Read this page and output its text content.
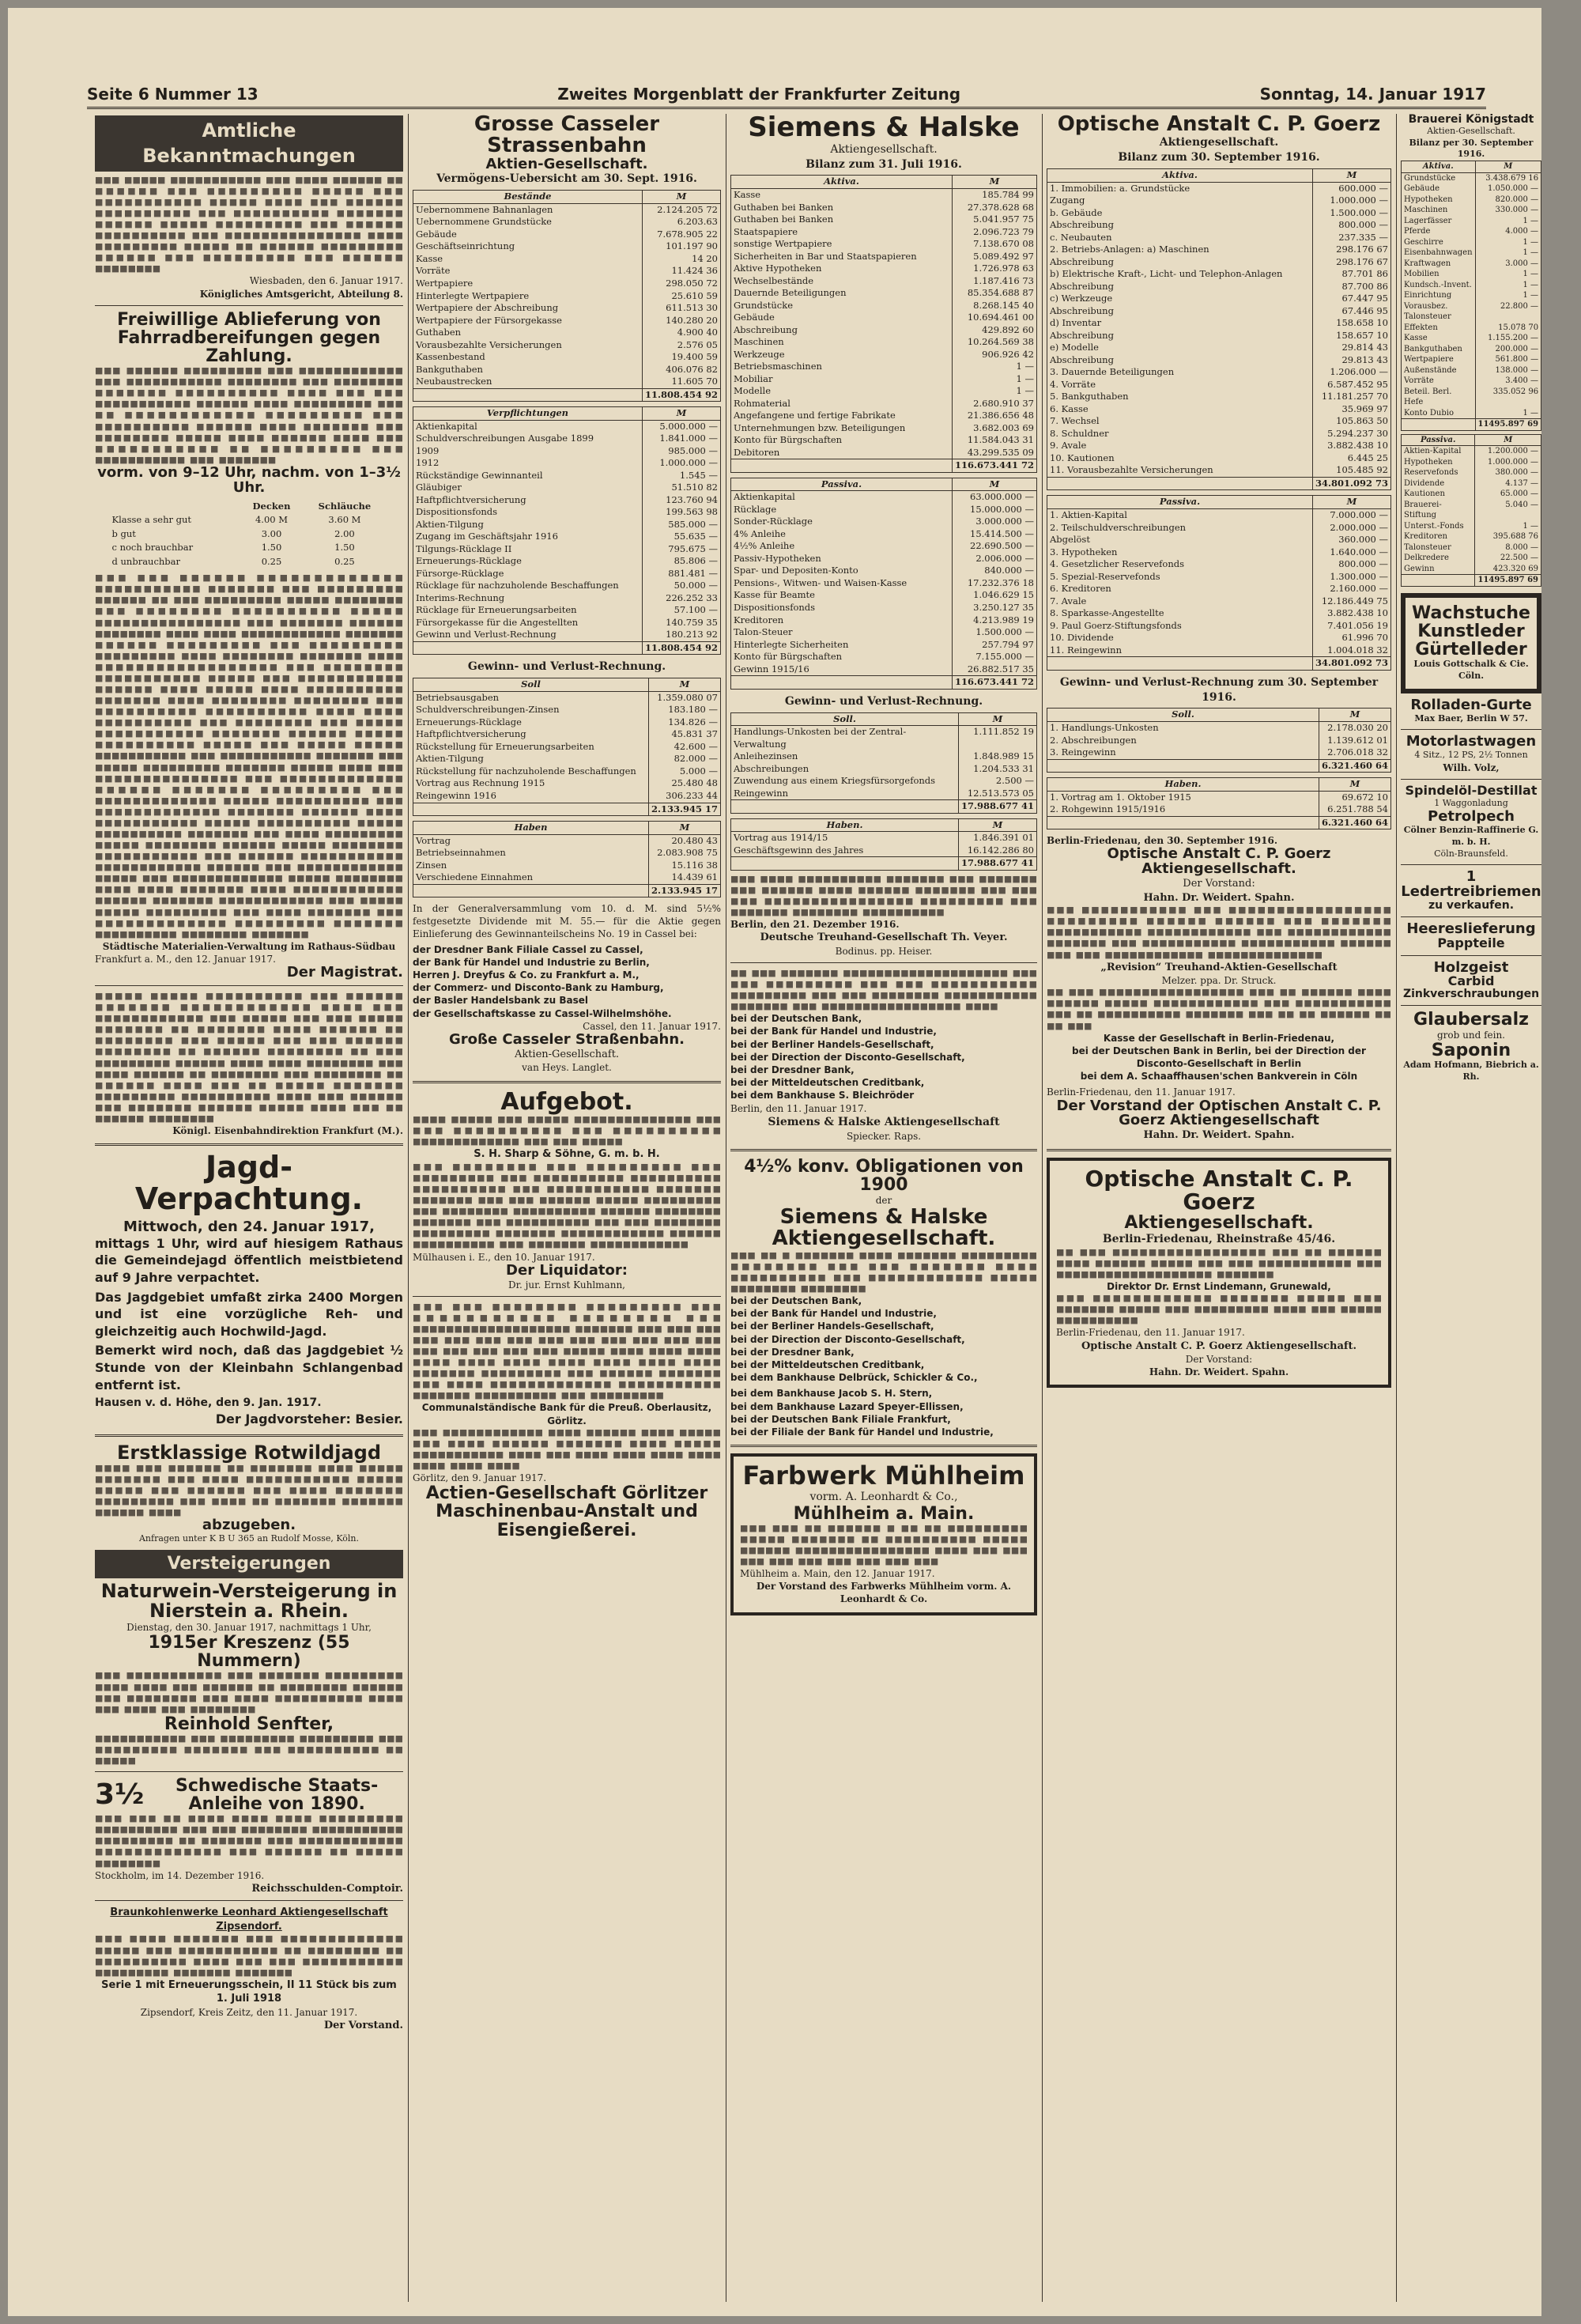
Seite 6 Nummer 13	Zweites Morgenblatt der Frankfurter Zeitung	Sonntag, 14. Januar 1917
Amtliche Bekanntmachungen
■■■ ■■■■■ ■■■■■■■■■■■ ■■■ ■■■■ ■■■■■■ ■■ ■■■■■■ ■■■ ■■■■■■■■■ ■■■■■ ■■■ ■■■■■■■■■■■ ■■■■■ ■■■■ ■■■ ■■■■■■ ■■■■■■■■■■ ■■■ ■■■■■■■■■■ ■■■■■■■ ■■■■■■ ■■■■■ ■■■■■■■■■ ■■■ ■■■■■■ ■■■■■■■■■■ ■■■ ■■■■■■■■■■■■■■■ ■■■■ ■■■■■■■■■ ■■■■■ ■■ ■■■■■■ ■■■■■■■■■ ■■■■■■ ■■■ ■■■■■■■■■ ■■■ ■■■■■■ ■■■■■■■■
Wiesbaden, den 6. Januar 1917.
Königliches Amtsgericht, Abteilung 8.
Freiwillige Ablieferung von Fahrradbereifungen gegen Zahlung.
■■■ ■■■■■■ ■■■■■■■■■ ■■■ ■■■■■■■■■■■■ ■■■ ■■■■■■■■■■■ ■■■■■■■■ ■■■ ■■■■■■■■ ■■■■■■■ ■■■■■■■■■■ ■■■■ ■■■ ■■■ ■■■■■■■■■■■ ■■■■■■ ■■■■ ■■■■■■■■■ ■■■ ■■ ■■■■■■■■■■■■ ■■■■■■■■■ ■■■ ■■■■■■■■■■ ■■■■■■ ■■■■ ■■■■■■■ ■■■ ■■■■■■■■ ■■■■■ ■■■■ ■■■■■■ ■■■■ ■■■ ■■■■■■■■■■■ ■■ ■■■■■■■■■ ■■■ ■■■■■■■■■■■ ■■■ ■■■■■■■
vorm. von 9–12 Uhr, nachm. von 1–3½ Uhr.
	Decken	Schläuche
Klasse a sehr gut	4.00 M	3.60 M
b gut	3.00	2.00
c noch brauchbar	1.50	1.50
d unbrauchbar	0.25	0.25
■■■ ■■■ ■■■■■■ ■■■■■■■■■■■■■ ■■■■■■■■■■■ ■■■■■■■ ■■■ ■■■■■■■■■ ■■■■■■ ■■ ■■■ ■■■■■■■■■ ■■■■■ ■■■■■■■■ ■■■ ■■■■■■■■ ■■■■■■■■■■ ■■■■■ ■■■■■■■■■■■■■■■■ ■■■ ■■■■■■■ ■■■■■■ ■■■■■■■■ ■■■■ ■■■■ ■■■■■■■■■■■■ ■■■■■■■ ■■■■■■ ■■■■■■■■■ ■■■ ■■■■■■■■■ ■■■■■■■■■ ■■■■ ■■■■■■■■ ■■■■■■■ ■■■■ ■■■■■■■■■■■■■■■■■■ ■■■ ■■■■■■■■ ■■■■■■■■■■■ ■■■■■ ■■■ ■■■■■■■■■■■ ■■■■■■ ■■■■ ■■■■■ ■■■■ ■■■■■■■■■■ ■■■■■■■ ■■■■ ■■■■■■■■ ■■■■■■■■ ■■■ ■■■■■■■■■■ ■■■■■■■■■■ ■■■■ ■■■■ ■■■■■■■■■■ ■■■ ■■■■■■■■ ■■■ ■■■■■ ■■■■■■■■■■■ ■■■■■■■ ■■■■■■ ■■■■■ ■■■■■■■■■■ ■■■■■ ■■■ ■■■■■ ■■■■■ ■■■■■■■■■■■ ■■■ ■■■■■■■■■■■ ■■■■■■■ ■■■ ■■■■■ ■■■■■■■■■ ■■■■■■■ ■■■■■ ■■■■ ■■■ ■■■■■■■■■■■■■■■ ■■■ ■■■■■■■■■■■■■ ■■■■■■ ■■■■■■■ ■■■■■■■■■ ■■■ ■■■■■■■■■■■■■ ■■■■■ ■■■■■■■■■■ ■■■ ■■■■■■■■■■■■■ ■■■■■■■ ■■■■■■ ■■■■ ■■■■■■■■■■■ ■■■■■ ■■■■■■■■■■ ■■■■■ ■■■■■■■■■■ ■■■■■■■ ■■■ ■■■■ ■■■■■■■■■ ■■■■■ ■■■■■■■■ ■■■■■■ ■■■■■ ■■■■■■■■ ■■■■■■■■■■■ ■■■ ■■■■■■ ■■■■■■■■■■■ ■■■■■■■■■■■■ ■■■■■■ ■■■ ■■■■■■■■■■■■ ■■■■■ ■■■ ■■■■■■■■■■■■■ ■■■■■ ■■■■■■■■ ■■■■ ■■■■ ■■■■■■■ ■■■■ ■■■■■■■■■■■■ ■■■■■■ ■■■■■■■ ■■■■■■■■■■■■ ■■■ ■■■■■ ■■■■■ ■■■■■■■■■ ■■■ ■■■■ ■■■■■■■ ■■■ ■■■■■■■■■■■■■ ■■■■■■■■■ ■■■■■■■ ■■■■■■■■■■ ■■■■■■■■ ■■■■■■■
Städtische Materialien-Verwaltung im Rathaus-Südbau
Frankfurt a. M., den 12. Januar 1917.
Der Magistrat.
■■■■■ ■■■■■ ■■■■■■■■■■ ■■■ ■■■■■■ ■■■■■■■ ■■■■■■■■■■■■ ■■■■ ■■■ ■■■■■■■■■■■■ ■■■ ■■■■■ ■■■ ■■■ ■■■■■ ■■■■■■■ ■■ ■■■■■■■ ■■■■ ■■■■■■ ■■ ■■■■■■■■ ■■■ ■■■■■ ■■■ ■■■ ■■■■■■ ■■■■■■■■ ■■ ■■■■■■ ■■■■■■■■ ■■ ■■■ ■■■■■■■■■ ■■■■■■ ■■■■ ■■■■ ■■■■■■■■ ■■■ ■■■■ ■■■■■■ ■■ ■■■■■■■■ ■■■ ■■■■■■■■ ■■ ■■■■■■ ■■■■ ■■■ ■■ ■■■■■ ■■■■■■■ ■■■■■■■■■ ■■■■■■■■■■ ■■■■ ■■■ ■■■■■■ ■■■ ■■■■■■■ ■■■■■■ ■■■■■ ■■■■ ■■■ ■■ ■■■■■■ ■■■■■■■■
Königl. Eisenbahndirektion Frankfurt (M.).
Jagd-Verpachtung.
Mittwoch, den 24. Januar 1917,

mittags 1 Uhr, wird auf hiesigem Rathaus die Gemeindejagd öffentlich meistbietend auf 9 Jahre verpachtet.

Das Jagdgebiet umfaßt zirka 2400 Morgen und ist eine vorzügliche Reh- und gleichzeitig auch Hochwild-Jagd.

Bemerkt wird noch, daß das Jagdgebiet ½ Stunde von der Kleinbahn Schlangenbad entfernt ist.

Hausen v. d. Höhe, den 9. Jan. 1917.
Der Jagdvorsteher: Besier.
Erstklassige Rotwildjagd
■■■■ ■■■ ■■■■■■ ■■ ■■■■■■■ ■■■■ ■■■■■ ■■■■■■■ ■■■ ■■■■ ■■■■■■■■■■■ ■■■■■ ■■■■■ ■■■ ■■■■■■ ■■■ ■■■■ ■■■■■■■ ■■■■■■■■■ ■■■ ■■■■ ■■ ■■■■■■■ ■■■■■■■ ■■■■■■ ■■■■
abzugeben.
Anfragen unter K B U 365 an Rudolf Mosse, Köln.
Versteigerungen
Naturwein-Versteigerung in Nierstein a. Rhein.
Dienstag, den 30. Januar 1917, nachmittags 1 Uhr,
1915er Kreszenz (55 Nummern)
■■■ ■■■■■■■■■■■ ■■■ ■■■■■■■ ■■■■■■■■■ ■■■■ ■■■■ ■■■ ■■■■■■ ■■ ■■■■■■■■ ■■■■■■ ■■■ ■■■■■■■■ ■■■ ■■■■ ■■■■■■■■■■ ■■■■ ■■■ ■■■■ ■■■ ■■■■■■■■
Reinhold Senfter,
■■■■■■■■■■■ ■■■ ■■■■■■■■■ ■■■■■■■■■ ■■■ ■■■■■■■■■ ■■■■■■■ ■■■ ■■■■■■■■■■ ■■ ■■■■■
3½	Schwedische Staats-Anleihe von 1890.
■■■ ■■■ ■■ ■■■■ ■■■■ ■■■■ ■■■■■■■■■ ■■■■■■■■■■ ■■■ ■■■ ■■■■■■■■ ■■■■■■■■■■■ ■■■■■■■■■ ■■ ■■■■■■■ ■■■ ■■■■■■■■■■■■ ■■■■■■■■■■■■■ ■■■ ■■■■■■ ■■ ■■■■■ ■■■■■■■■
Stockholm, im 14. Dezember 1916.
Reichsschulden-Comptoir.
Braunkohlenwerke Leonhard Aktiengesellschaft Zipsendorf.
■■■ ■■■■ ■■■■■■■ ■■■ ■■■■■■■■■■■■■ ■■■■■ ■■■ ■■■■■■■■■■■ ■■ ■■■■■■■■ ■■ ■■■■■■■■■■ ■■■■ ■■■ ■■■ ■■■■■■■■■■■ ■■■■■■■■■ ■■■■■■■ ■■■■■■■
Serie 1 mit Erneuerungsschein, II 11 Stück bis zum 1. Juli 1918
Zipsendorf, Kreis Zeitz, den 11. Januar 1917.
Der Vorstand.
Grosse Casseler Strassenbahn
Aktien-Gesellschaft.
Vermögens-Uebersicht am 30. Sept. 1916.
Bestände	M
Uebernommene Bahnanlagen	2.124.205 72
Uebernommene Grundstücke	6.203.63
Gebäude	7.678.905 22
Geschäftseinrichtung	101.197 90
Kasse	14 20
Vorräte	11.424 36
Wertpapiere	298.050 72
Hinterlegte Wertpapiere	25.610 59
Wertpapiere der Abschreibung	611.513 30
Wertpapiere der Fürsorgekasse	140.280 20
Guthaben	4.900 40
Vorausbezahlte Versicherungen	2.576 05
Kassenbestand	19.400 59
Bankguthaben	406.076 82
Neubaustrecken	11.605 70
	11.808.454 92
Verpflichtungen	M
Aktienkapital	5.000.000 —
Schuldverschreibungen Ausgabe 1899	1.841.000 —
1909	985.000 —
1912	1.000.000 —
Rückständige Gewinnanteil	1.545 —
Gläubiger	51.510 82
Haftpflichtversicherung	123.760 94
Dispositionsfonds	199.563 98
Aktien-Tilgung	585.000 —
Zugang im Geschäftsjahr 1916	55.635 —
Tilgungs-Rücklage II	795.675 —
Erneuerungs-Rücklage	85.806 —
Fürsorge-Rücklage	881.481 —
Rücklage für nachzuholende Beschaffungen	50.000 —
Interims-Rechnung	226.252 33
Rücklage für Erneuerungsarbeiten	57.100 —
Fürsorgekasse für die Angestellten	140.759 35
Gewinn und Verlust-Rechnung	180.213 92
	11.808.454 92
Gewinn- und Verlust-Rechnung.
Soll	M
Betriebsausgaben	1.359.080 07
Schuldverschreibungen-Zinsen	183.180 —
Erneuerungs-Rücklage	134.826 —
Haftpflichtversicherung	45.831 37
Rückstellung für Erneuerungsarbeiten	42.600 —
Aktien-Tilgung	82.000 —
Rückstellung für nachzuholende Beschaffungen	5.000 —
Vortrag aus Rechnung 1915	25.480 48
Reingewinn 1916	306.233 44
	2.133.945 17
Haben	M
Vortrag	20.480 43
Betriebseinnahmen	2.083.908 75
Zinsen	15.116 38
Verschiedene Einnahmen	14.439 61
	2.133.945 17

In der Generalversammlung vom 10. d. M. sind 5½% festgesetzte Dividende mit M. 55.— für die Aktie gegen Einlieferung des Gewinnanteilscheins No. 19 in Cassel bei:

der Dresdner Bank Filiale Cassel zu Cassel,
der Bank für Handel und Industrie zu Berlin,
Herren J. Dreyfus & Co. zu Frankfurt a. M.,
der Commerz- und Disconto-Bank zu Hamburg,
der Basler Handelsbank zu Basel
der Gesellschaftskasse zu Cassel-Wilhelmshöhe.
Cassel, den 11. Januar 1917.
Große Casseler Straßenbahn.
Aktien-Gesellschaft.
van Heys. Langlet.
Aufgebot.
■■■■ ■■■■■ ■■■ ■■■■■ ■■■■■■■■■■■■■■ ■■■ ■■■ ■■■■■■■■■■ ■■■ ■■■■■■■■■■ ■■■■■■■■■■■■■ ■■■ ■■■ ■■■■■
S. H. Sharp & Söhne, G. m. b. H.
■■■ ■■■■■■■■ ■■■ ■■■■■■■■■ ■■■ ■■■■■■■■■ ■■■ ■■■■■■■■■■ ■■■■■■■■■■ ■■■■■■■■■■ ■■■ ■■■■■■■■■■■ ■■■■■■■ ■■■■■■■ ■■■ ■■■ ■■■■■■ ■■■■■ ■■■■■■■■■ ■■■ ■■■■■■■■ ■■■■■■■■■■ ■■■■■■ ■■■■■■■■ ■■■■■■■ ■■■ ■■■■■■■■■■ ■■■ ■■■ ■■■■■■■■ ■■■■■■■■■ ■■■■■■■ ■■■■■■■■■■■■ ■■■■■■ ■■■■■■■■■■ ■■■ ■■■■■■■ ■■■■■■■■■■■■
Mülhausen i. E., den 10. Januar 1917.
Der Liquidator:
Dr. jur. Ernst Kuhlmann,
■■■ ■■■ ■■■■■■■■ ■■■■■■■■■ ■■■ ■■■■■■■■■■■ ■■■■■■■■ ■■■ ■■■■■■■■■■■■■■■■■■■ ■■■■■■■ ■■■ ■■■ ■■■ ■■■ ■■■ ■■■ ■■■ ■■■ ■■■ ■■■ ■■■ ■■■ ■■■ ■■■ ■■■ ■■■ ■■■ ■■■ ■■■■■ ■■■■ ■■■■ ■■■■ ■■■■ ■■■■ ■■■■ ■■■■ ■■■■ ■■■■ ■■■■ ■■■■■■■ ■■■■■■■■■ ■■■ ■■■■■■ ■■■■■■■ ■■■ ■■■■ ■■■■■■■■■■■■■ ■■■■■■■■■■■ ■■■■■■■ ■■■■■■■■■■ ■■■ ■■■■■■■■■
Communalständische Bank für die Preuß. Oberlausitz, Görlitz.
■■■ ■■■■■■■■■■■■ ■■■■ ■■■■■■ ■■■■ ■■■■■ ■■■ ■■■■ ■■■■■■ ■■■■■■■ ■■■■ ■■■■■ ■■■■■■■■■■■ ■■■■ ■■■ ■■■■ ■■■■ ■■■■ ■■■■ ■■■■ ■■■■ ■■■■
Görlitz, den 9. Januar 1917.
Actien-Gesellschaft Görlitzer Maschinenbau-Anstalt und Eisengießerei.
Siemens & Halske
Aktiengesellschaft.
Bilanz zum 31. Juli 1916.
Aktiva.	M
Kasse	185.784 99
Guthaben bei Banken	27.378.628 68
Guthaben bei Banken	5.041.957 75
Staatspapiere	2.096.723 79
sonstige Wertpapiere	7.138.670 08
Sicherheiten in Bar und Staatspapieren	5.089.492 97
Aktive Hypotheken	1.726.978 63
Wechselbestände	1.187.416 73
Dauernde Beteiligungen	85.354.688 87
Grundstücke	8.268.145 40
Gebäude	10.694.461 00
Abschreibung	429.892 60
Maschinen	10.264.569 38
Werkzeuge	906.926 42
Betriebsmaschinen	1 —
Mobiliar	1 —
Modelle	1 —
Rohmaterial	2.680.910 37
Angefangene und fertige Fabrikate	21.386.656 48
Unternehmungen bzw. Beteiligungen	3.682.003 69
Konto für Bürgschaften	11.584.043 31
Debitoren	43.299.535 09
	116.673.441 72
Passiva.	M
Aktienkapital	63.000.000 —
Rücklage	15.000.000 —
Sonder-Rücklage	3.000.000 —
4% Anleihe	15.414.500 —
4½% Anleihe	22.690.500 —
Passiv-Hypotheken	2.006.000 —
Spar- und Depositen-Konto	840.000 —
Pensions-, Witwen- und Waisen-Kasse	17.232.376 18
Kasse für Beamte	1.046.629 15
Dispositionsfonds	3.250.127 35
Kreditoren	4.213.989 19
Talon-Steuer	1.500.000 —
Hinterlegte Sicherheiten	257.794 97
Konto für Bürgschaften	7.155.000 —
Gewinn 1915/16	26.882.517 35
	116.673.441 72
Gewinn- und Verlust-Rechnung.
Soll.	M
Handlungs-Unkosten bei der Zentral-Verwaltung	1.111.852 19
Anleihezinsen	1.848.989 15
Abschreibungen	1.204.533 31
Zuwendung aus einem Kriegsfürsorgefonds	2.500 —
Reingewinn	12.513.573 05
	17.988.677 41
Haben.	M
Vortrag aus 1914/15	1.846.391 01
Geschäftsgewinn des Jahres	16.142.286 80
	17.988.677 41
■■■ ■■■■ ■■■■■■■■■■ ■■■■■■■ ■■■ ■■■■■■■ ■■■ ■■■■■■ ■■■■ ■■■■■■ ■■■■■■■ ■■■ ■■■ ■■■ ■■■■■■■■■■■■■■■■ ■■■■■■■■■ ■■■ ■■■■■■■ ■■■■■■■■ ■■■■■■■■■■
Berlin, den 21. Dezember 1916.
Deutsche Treuhand-Gesellschaft Th. Veyer.
Bodinus. pp. Heiser.
■■ ■■■ ■■■■■■■ ■■■■■■■■■■■■■■■■■■■■ ■■■ ■■■ ■■■■■■■■■ ■■■ ■■■ ■■■■■■■■■■■ ■■■■■■■■■ ■■■ ■■■ ■■■■■■■■ ■■■■■■■■■■■ ■■■■■■■ ■■■ ■■■■■■■■■■■■■■■■■ ■■■■
bei der Deutschen Bank,
bei der Bank für Handel und Industrie,
bei der Berliner Handels-Gesellschaft,
bei der Direction der Disconto-Gesellschaft,
bei der Dresdner Bank,
bei der Mitteldeutschen Creditbank,
bei dem Bankhause S. Bleichröder
Berlin, den 11. Januar 1917.
Siemens & Halske Aktiengesellschaft
Spiecker. Raps.
4½% konv. Obligationen von 1900
der
Siemens & Halske Aktiengesellschaft.
■■■ ■■ ■ ■■■■■■■ ■■■■ ■■■■■■■ ■■■■■■■■■ ■■■■■■■■ ■■■ ■■■ ■■■■■■■ ■■■■ ■■■■■■■■■■ ■■■ ■■■■■■■■■■■■ ■■■■■ ■■■■■■■■ ■■■■■■■■
bei der Deutschen Bank,
bei der Bank für Handel und Industrie,
bei der Berliner Handels-Gesellschaft,
bei der Direction der Disconto-Gesellschaft,
bei der Dresdner Bank,
bei der Mitteldeutschen Creditbank,
bei dem Bankhause Delbrück, Schickler & Co.,
bei dem Bankhause Jacob S. H. Stern,
bei dem Bankhause Lazard Speyer-Ellissen,
bei der Deutschen Bank Filiale Frankfurt,
bei der Filiale der Bank für Handel und Industrie,
Farbwerk Mühlheim
vorm. A. Leonhardt & Co.,
Mühlheim a. Main.
■■■ ■■■ ■■ ■■■■■■ ■ ■■ ■■ ■■■■■■■■■ ■■■■■ ■■■■■■■ ■■ ■■■■■■■■■■ ■■■■■ ■■■■■■ ■■■■■■■■■■■■■■■■ ■■■■ ■■■ ■■■ ■■■ ■■■ ■■■ ■■■ ■■■ ■■■ ■■■
Mühlheim a. Main, den 12. Januar 1917.
Der Vorstand des Farbwerks Mühlheim vorm. A. Leonhardt & Co.
Optische Anstalt C. P. Goerz
Aktiengesellschaft.
Bilanz zum 30. September 1916.
Aktiva.	M
1. Immobilien: a. Grundstücke	600.000 —
Zugang	1.000.000 —
b. Gebäude	1.500.000 —
Abschreibung	800.000 —
c. Neubauten	237.335 —
2. Betriebs-Anlagen: a) Maschinen	298.176 67
Abschreibung	298.176 67
b) Elektrische Kraft-, Licht- und Telephon-Anlagen	87.701 86
Abschreibung	87.700 86
c) Werkzeuge	67.447 95
Abschreibung	67.446 95
d) Inventar	158.658 10
Abschreibung	158.657 10
e) Modelle	29.814 43
Abschreibung	29.813 43
3. Dauernde Beteiligungen	1.206.000 —
4. Vorräte	6.587.452 95
5. Bankguthaben	11.181.257 70
6. Kasse	35.969 97
7. Wechsel	105.863 50
8. Schuldner	5.294.237 30
9. Avale	3.882.438 10
10. Kautionen	6.445 25
11. Vorausbezahlte Versicherungen	105.485 92
	34.801.092 73
Passiva.	M
1. Aktien-Kapital	7.000.000 —
2. Teilschuldverschreibungen	2.000.000 —
Abgelöst	360.000 —
3. Hypotheken	1.640.000 —
4. Gesetzlicher Reservefonds	800.000 —
5. Spezial-Reservefonds	1.300.000 —
6. Kreditoren	2.160.000 —
7. Avale	12.186.449 75
8. Sparkasse-Angestellte	3.882.438 10
9. Paul Goerz-Stiftungsfonds	7.401.056 19
10. Dividende	61.996 70
11. Reingewinn	1.004.018 32
	34.801.092 73
Gewinn- und Verlust-Rechnung zum 30. September 1916.
Soll.	M
1. Handlungs-Unkosten	2.178.030 20
2. Abschreibungen	1.139.612 01
3. Reingewinn	2.706.018 32
	6.321.460 64
Haben.	M
1. Vortrag am 1. Oktober 1915	69.672 10
2. Rohgewinn 1915/1916	6.251.788 54
	6.321.460 64
Berlin-Friedenau, den 30. September 1916.
Optische Anstalt C. P. Goerz Aktiengesellschaft.
Der Vorstand:
Hahn. Dr. Weidert. Spahn.
■■■ ■■■■■■■■■■■ ■■■ ■■■■■■■■■■■■■■■■■ ■■■■■■■■■ ■■■■■■ ■■■■■■ ■■■ ■■■■■■■ ■■■■■■■■■■■ ■■■■■■■■■■■■ ■■■ ■■■■■■■■■■■■ ■■■■■■■ ■■■ ■■■■■■■■■■■ ■■■■■■■■■■■ ■■■■■■ ■■■ ■■■ ■■■■■■■■■■■■ ■■■■■■■■■■■■■■
„Revision“ Treuhand-Aktien-Gesellschaft
Melzer. ppa. Dr. Struck.
■■ ■■■ ■■■■■■■■■■■■■■■■■ ■■■ ■■ ■■■■■■ ■■■■ ■■■■■■ ■■■■■ ■■■■■■■■■■■■ ■■■ ■■■■■■■■■■■ ■■■ ■■ ■■■■■■■■■■ ■■■■■■■ ■■■ ■■ ■■ ■■■■■■ ■■ ■■ ■■■
Kasse der Gesellschaft in Berlin-Friedenau,
bei der Deutschen Bank in Berlin, bei der Direction der Disconto-Gesellschaft in Berlin
bei dem A. Schaaffhausen'schen Bankverein in Cöln
Berlin-Friedenau, den 11. Januar 1917.
Der Vorstand der Optischen Anstalt C. P. Goerz Aktiengesellschaft
Hahn. Dr. Weidert. Spahn.
Optische Anstalt C. P. Goerz
Aktiengesellschaft.
Berlin-Friedenau, Rheinstraße 45/46.
■■ ■■■ ■■■■■■■■■■■■■■■■■ ■■■ ■■ ■■■■■■ ■■■■ ■■■■■■ ■■■■■ ■■■ ■■■ ■■■■■■■■■■■ ■■■ ■■■■■■■■■■■■■■■■■■■ ■■■■■■■
Direktor Dr. Ernst Lindemann, Grunewald,
■■■ ■■■■■■■■■■■■ ■■■■■■■ ■■■■■ ■■■ ■■■■■■■ ■■■■■ ■■■ ■■■■■■■■■ ■■■■ ■■■ ■■■■■ ■■■■■■■■■■
Berlin-Friedenau, den 11. Januar 1917.
Optische Anstalt C. P. Goerz Aktiengesellschaft.
Der Vorstand:
Hahn. Dr. Weidert. Spahn.
Brauerei Königstadt
Aktien-Gesellschaft.
Bilanz per 30. September 1916.
Aktiva.	M
Grundstücke	3.438.679 16
Gebäude	1.050.000 —
Hypotheken	820.000 —
Maschinen	330.000 —
Lagerfässer	1 —
Pferde	4.000 —
Geschirre	1 —
Eisenbahnwagen	1 —
Kraftwagen	3.000 —
Mobilien	1 —
Kundsch.-Invent.	1 —
Einrichtung	1 —
Vorausbez. Talonsteuer	22.800 —
Effekten	15.078 70
Kasse	1.155.200 —
Bankguthaben	200.000 —
Wertpapiere	561.800 —
Außenstände	138.000 —
Vorräte	3.400 —
Beteil. Berl. Hefe	335.052 96
Konto Dubio	1 —
	11495.897 69
Passiva.	M
Aktien-Kapital	1.200.000 —
Hypotheken	1.000.000 —
Reservefonds	380.000 —
Dividende	4.137 —
Kautionen	65.000 —
Brauerei-Stiftung	5.040 —
Unterst.-Fonds	1 —
Kreditoren	395.688 76
Talonsteuer	8.000 —
Delkredere	22.500 —
Gewinn	423.320 69
	11495.897 69
Wachstuche
Kunstleder
Gürtelleder
Louis Gottschalk & Cie. Cöln.
Rolladen-Gurte
Max Baer, Berlin W 57.
Motorlastwagen
4 Sitz., 12 PS, 2½ Tonnen
Wilh. Volz,
Spindelöl-Destillat
1 Waggonladung
Petrolpech
Cölner Benzin-Raffinerie G. m. b. H.
Cöln-Braunsfeld.
1 Ledertreibriemen
zu verkaufen.
Heereslieferung
Pappteile
Holzgeist
Carbid
Zinkverschraubungen
Glaubersalz
grob und fein.
Saponin
Adam Hofmann, Biebrich a. Rh.
